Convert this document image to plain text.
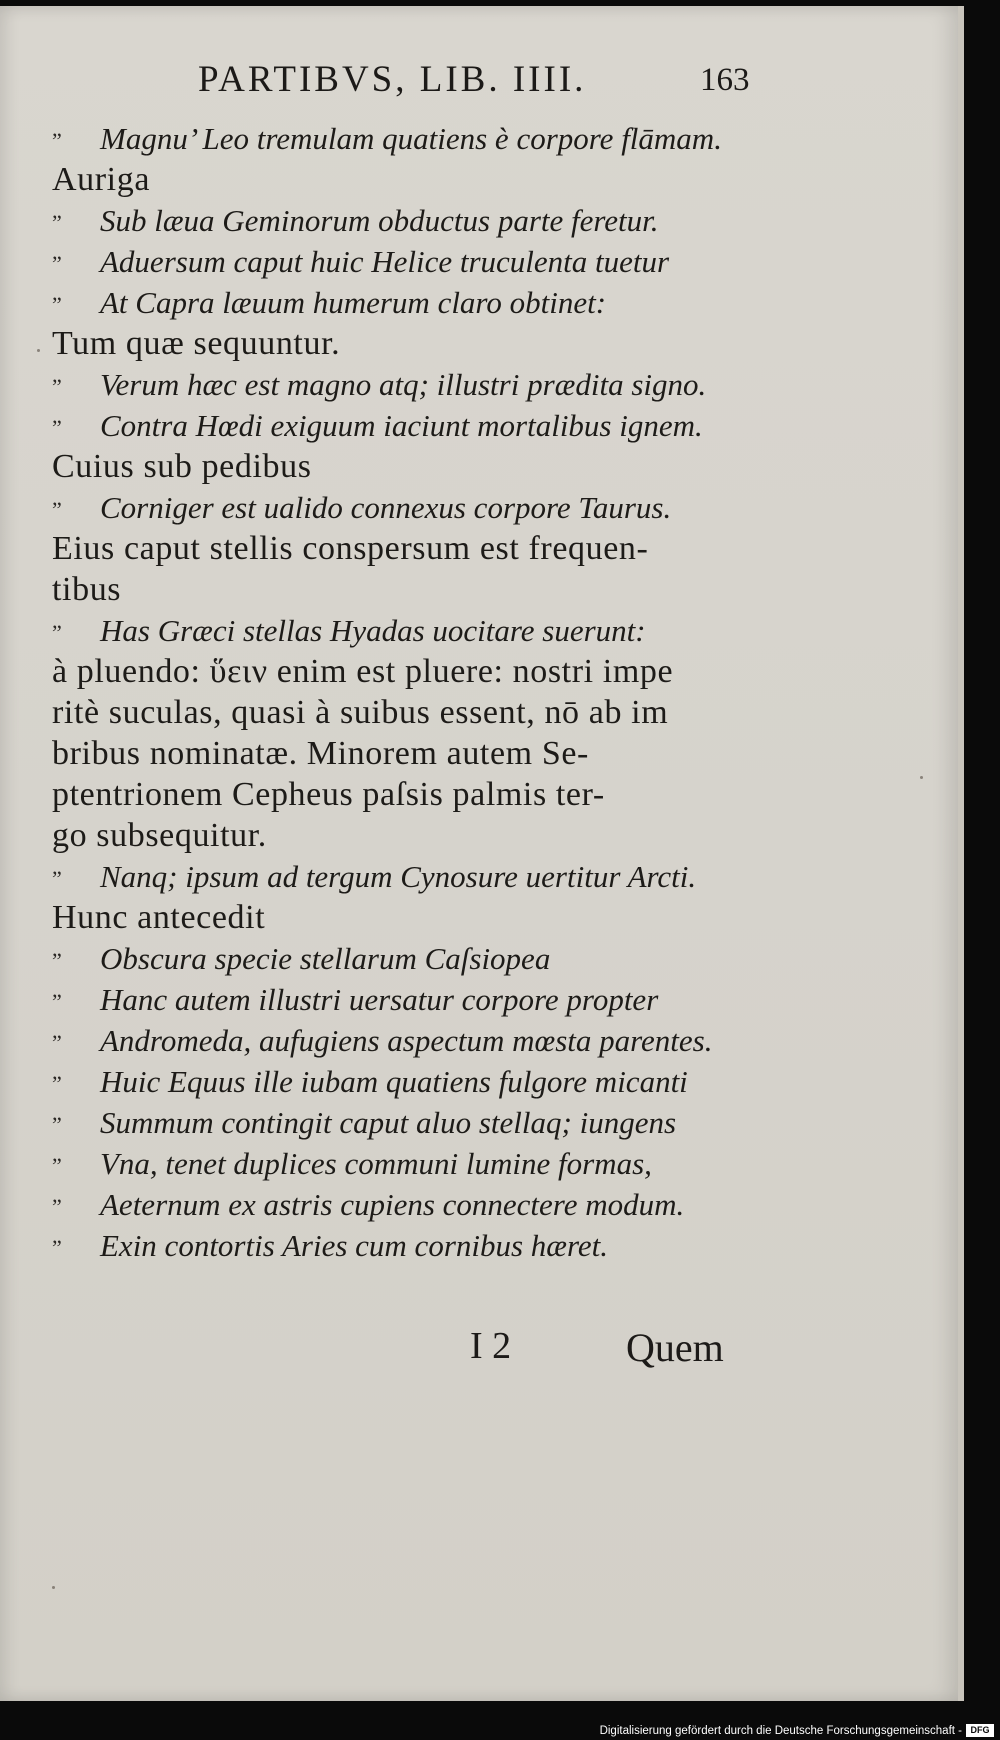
PARTIBVS, LIB. IIII.	163
” Magnu’ Leo tremulam quatiens è corpore flāmam.
Auriga
” Sub læua Geminorum obductus parte feretur.
” Aduersum caput huic Helice truculenta tuetur
” At Capra læuum humerum claro obtinet:
Tum quæ sequuntur.
” Verum hæc est magno atq; illustri prædita signo.
” Contra Hœdi exiguum iaciunt mortalibus ignem.
Cuius sub pedibus
” Corniger est ualido connexus corpore Taurus.
Eius caput stellis conspersum est frequen-
tibus
” Has Græci stellas Hyadas uocitare suerunt:
à pluendo: ὕειν enim est pluere: nostri impe
ritè suculas, quasi à suibus essent, nō ab im
bribus nominatæ. Minorem autem Se-
ptentrionem Cepheus paſsis palmis ter-
go subsequitur.
” Nanq; ipsum ad tergum Cynosure uertitur Arcti.
Hunc antecedit
” Obscura specie stellarum Caſsiopea
” Hanc autem illustri uersatur corpore propter
” Andromeda, aufugiens aspectum mœsta parentes.
” Huic Equus ille iubam quatiens fulgore micanti
” Summum contingit caput aluo stellaq; iungens
” Vna, tenet duplices communi lumine formas,
” Aeternum ex astris cupiens connectere modum.
” Exin contortis Aries cum cornibus hæret.
I 2	Quem
Digitalisierung gefördert durch die Deutsche Forschungsgemeinschaft - DFG
